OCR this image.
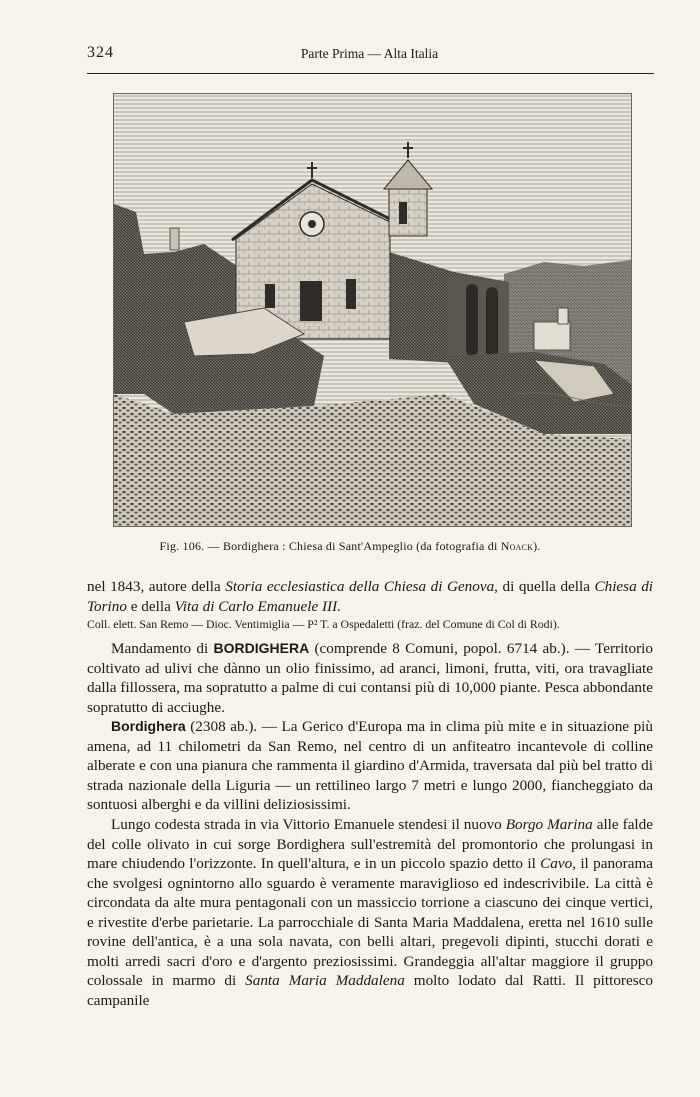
324	Parte Prima — Alta Italia
Fig. 106. — Bordighera : Chiesa di Sant'Ampeglio (da fotografia di Noack).
nel 1843, autore della Storia ecclesiastica della Chiesa di Genova, di quella della Chiesa di Torino e della Vita di Carlo Emanuele III.
Coll. elett. San Remo — Dioc. Ventimiglia — P² T. a Ospedaletti (fraz. del Comune di Col di Rodi).
Mandamento di BORDIGHERA (comprende 8 Comuni, popol. 6714 ab.). — Territorio coltivato ad ulivi che dànno un olio finissimo, ad aranci, limoni, frutta, viti, ora travagliate dalla fillossera, ma sopratutto a palme di cui contansi più di 10,000 piante. Pesca abbondante sopratutto di acciughe.
Bordighera (2308 ab.). — La Gerico d'Europa ma in clima più mite e in situazione più amena, ad 11 chilometri da San Remo, nel centro di un anfiteatro incantevole di colline alberate e con una pianura che rammenta il giardino d'Armida, traversata dal più bel tratto di strada nazionale della Liguria — un rettilineo largo 7 metri e lungo 2000, fiancheggiato da sontuosi alberghi e da villini deliziosissimi.
Lungo codesta strada in via Vittorio Emanuele stendesi il nuovo Borgo Marina alle falde del colle olivato in cui sorge Bordighera sull'estremità del promontorio che prolungasi in mare chiudendo l'orizzonte. In quell'altura, e in un piccolo spazio detto il Cavo, il panorama che svolgesi ognintorno allo sguardo è veramente maraviglioso ed indescrivibile. La città è circondata da alte mura pentagonali con un massiccio torrione a ciascuno dei cinque vertici, e rivestite d'erbe parietarie. La parrocchiale di Santa Maria Maddalena, eretta nel 1610 sulle rovine dell'antica, è a una sola navata, con belli altari, pregevoli dipinti, stucchi dorati e molti arredi sacri d'oro e d'argento preziosissimi. Grandeggia all'altar maggiore il gruppo colossale in marmo di Santa Maria Maddalena molto lodato dal Ratti. Il pittoresco campanile
